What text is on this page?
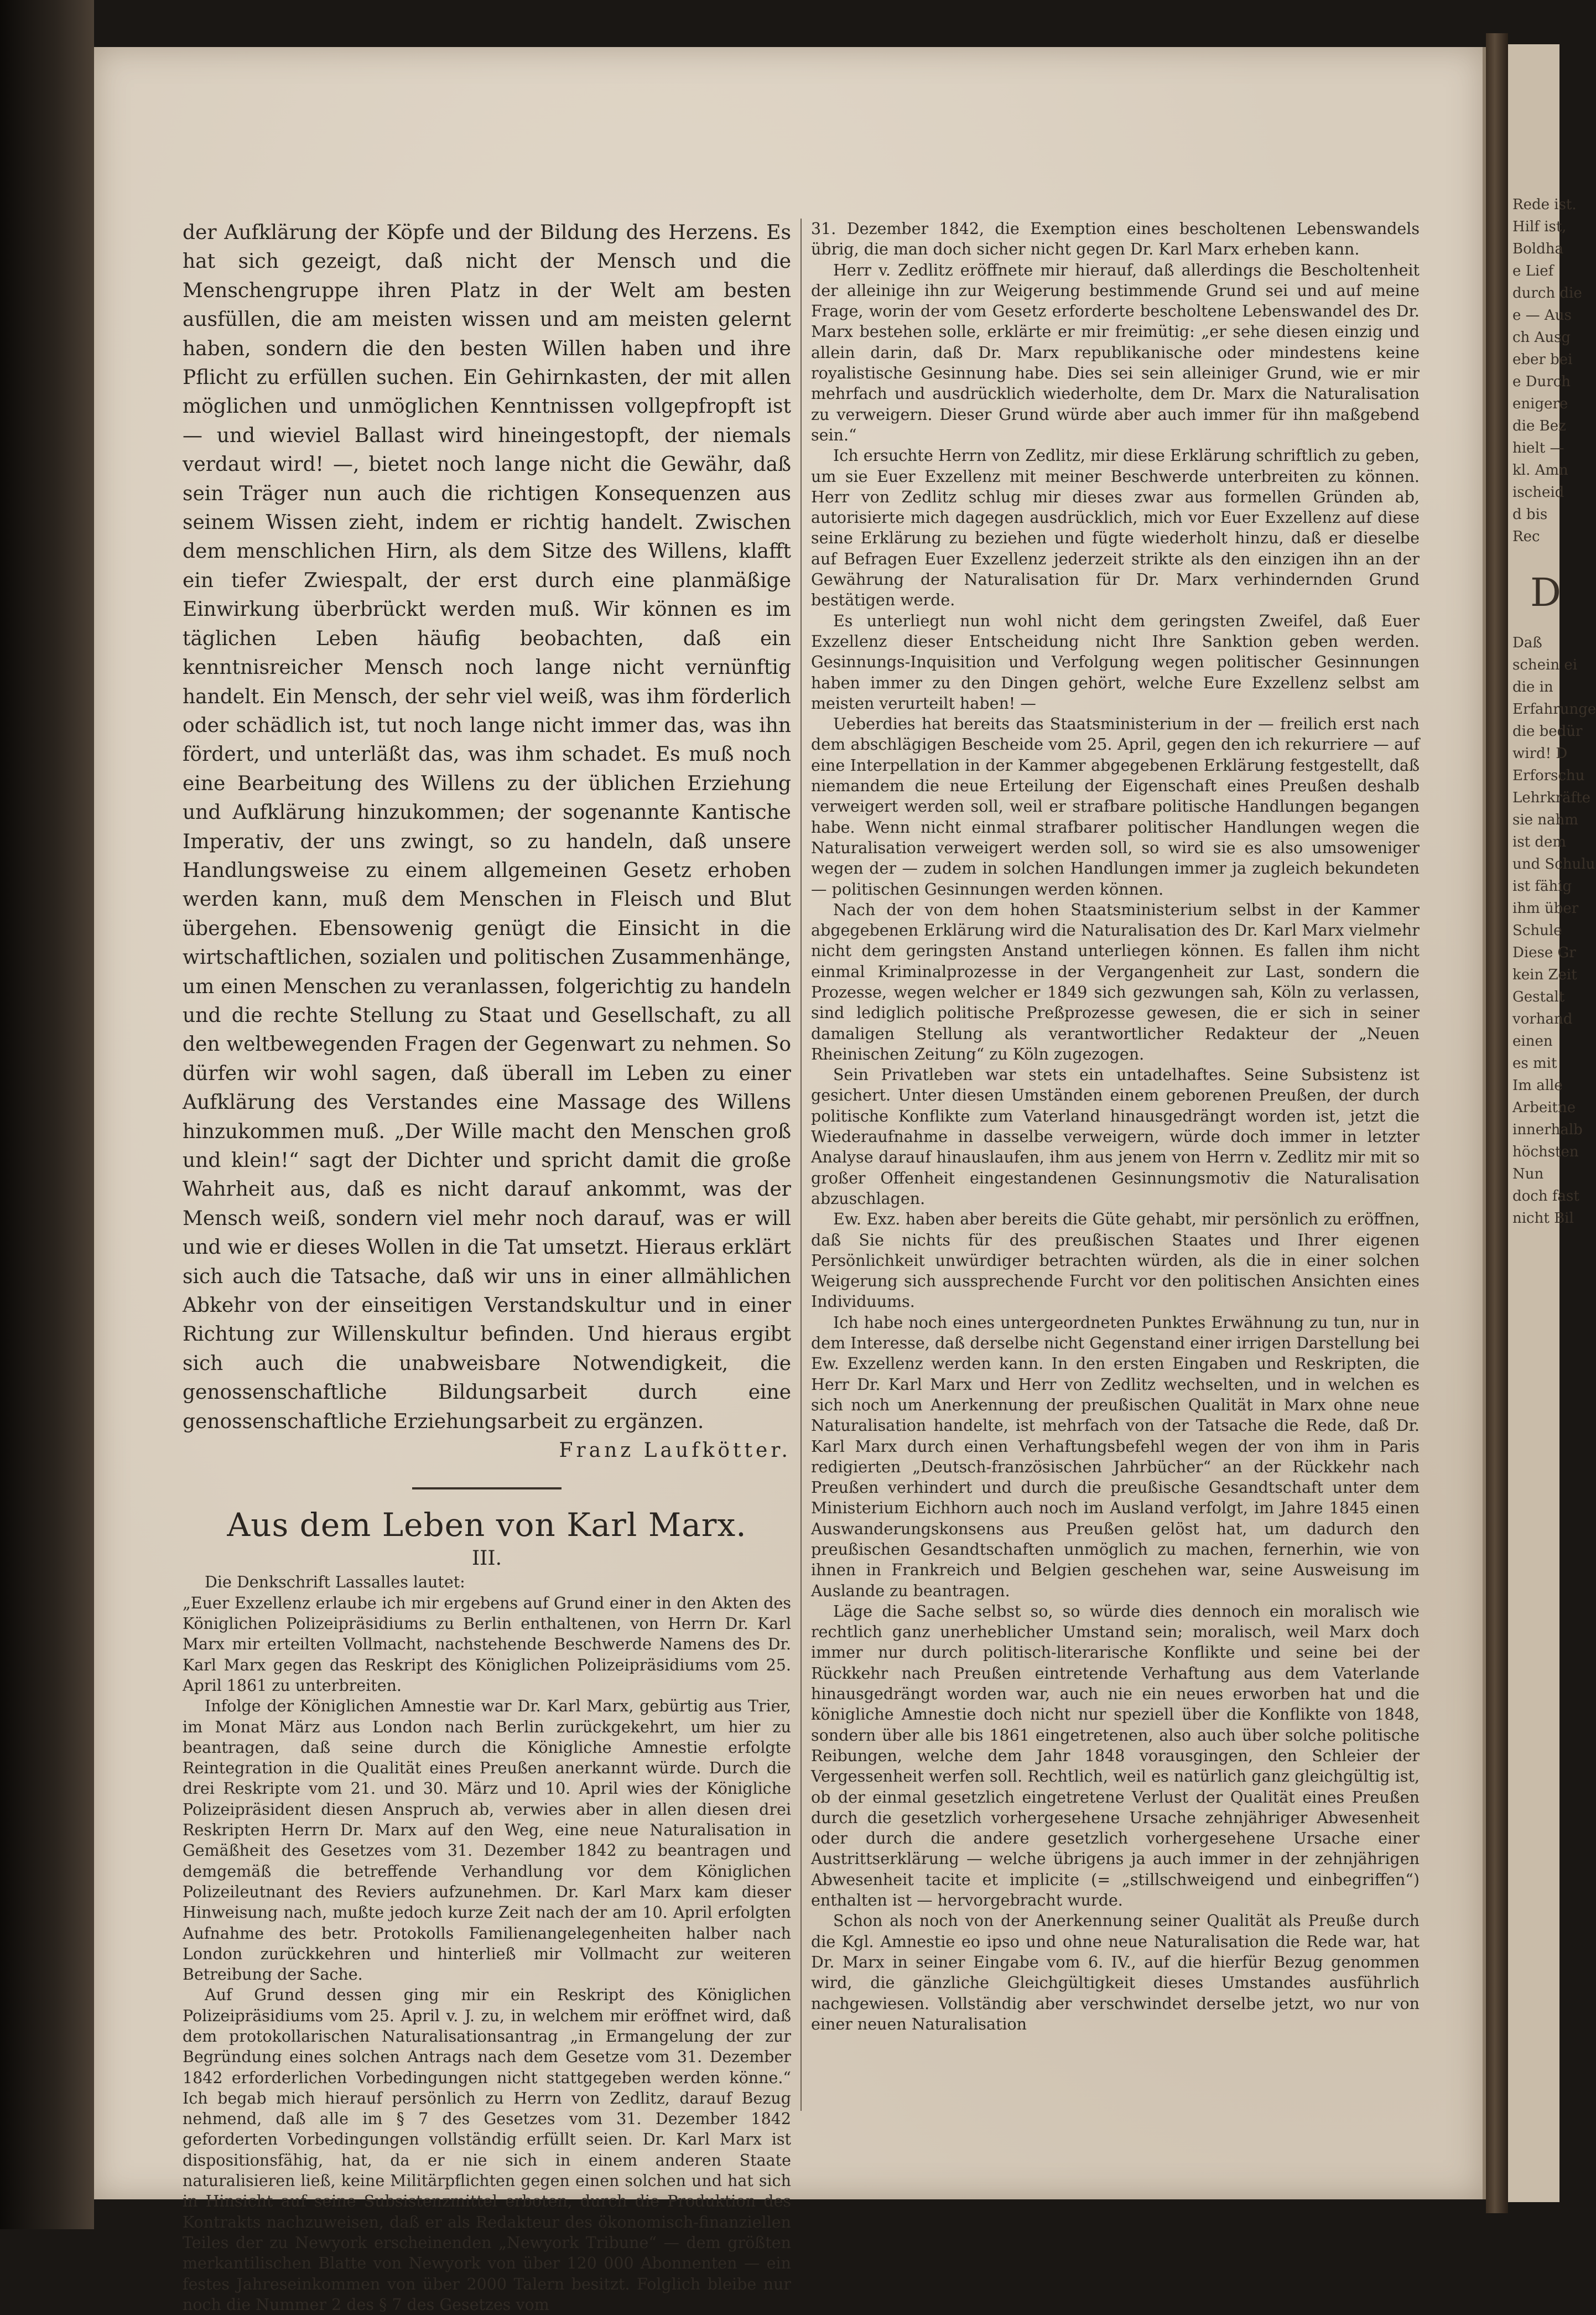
der Aufklärung der Köpfe und der Bildung des Herzens. Es hat sich gezeigt, daß nicht der Mensch und die Menschengruppe ihren Platz in der Welt am besten ausfüllen, die am meisten wissen und am meisten gelernt haben, sondern die den besten Willen haben und ihre Pflicht zu erfüllen suchen. Ein Gehirnkasten, der mit allen möglichen und unmöglichen Kenntnissen vollgepfropft ist — und wieviel Ballast wird hineingestopft, der niemals verdaut wird! —, bietet noch lange nicht die Gewähr, daß sein Träger nun auch die richtigen Konsequenzen aus seinem Wissen zieht, indem er richtig handelt. Zwischen dem menschlichen Hirn, als dem Sitze des Willens, klafft ein tiefer Zwiespalt, der erst durch eine planmäßige Einwirkung überbrückt werden muß. Wir können es im täglichen Leben häufig beobachten, daß ein kenntnisreicher Mensch noch lange nicht vernünftig handelt. Ein Mensch, der sehr viel weiß, was ihm förderlich oder schädlich ist, tut noch lange nicht immer das, was ihn fördert, und unterläßt das, was ihm schadet. Es muß noch eine Bearbeitung des Willens zu der üblichen Erziehung und Aufklärung hinzukommen; der sogenannte Kantische Imperativ, der uns zwingt, so zu handeln, daß unsere Handlungsweise zu einem allgemeinen Gesetz erhoben werden kann, muß dem Menschen in Fleisch und Blut übergehen. Ebensowenig genügt die Einsicht in die wirtschaftlichen, sozialen und politischen Zusammenhänge, um einen Menschen zu veranlassen, folgerichtig zu handeln und die rechte Stellung zu Staat und Gesellschaft, zu all den weltbewegenden Fragen der Gegenwart zu nehmen. So dürfen wir wohl sagen, daß überall im Leben zu einer Aufklärung des Verstandes eine Massage des Willens hinzukommen muß. „Der Wille macht den Menschen groß und klein!“ sagt der Dichter und spricht damit die große Wahrheit aus, daß es nicht darauf ankommt, was der Mensch weiß, sondern viel mehr noch darauf, was er will und wie er dieses Wollen in die Tat umsetzt. Hieraus erklärt sich auch die Tatsache, daß wir uns in einer allmählichen Abkehr von der einseitigen Verstandskultur und in einer Richtung zur Willenskultur befinden. Und hieraus ergibt sich auch die unabweisbare Notwendigkeit, die genossenschaftliche Bildungsarbeit durch eine genossenschaftliche Erziehungsarbeit zu ergänzen.

Franz Laufkötter.

Aus dem Leben von Karl Marx.
III.

Die Denkschrift Lassalles lautet:

„Euer Exzellenz erlaube ich mir ergebens auf Grund einer in den Akten des Königlichen Polizeipräsidiums zu Berlin enthaltenen, von Herrn Dr. Karl Marx mir erteilten Vollmacht, nachstehende Beschwerde Namens des Dr. Karl Marx gegen das Reskript des Königlichen Polizeipräsidiums vom 25. April 1861 zu unterbreiten.

Infolge der Königlichen Amnestie war Dr. Karl Marx, gebürtig aus Trier, im Monat März aus London nach Berlin zurückgekehrt, um hier zu beantragen, daß seine durch die Königliche Amnestie erfolgte Reintegration in die Qualität eines Preußen anerkannt würde. Durch die drei Reskripte vom 21. und 30. März und 10. April wies der Königliche Polizeipräsident diesen Anspruch ab, verwies aber in allen diesen drei Reskripten Herrn Dr. Marx auf den Weg, eine neue Naturalisation in Gemäßheit des Gesetzes vom 31. Dezember 1842 zu beantragen und demgemäß die betreffende Verhandlung vor dem Königlichen Polizeileutnant des Reviers aufzunehmen. Dr. Karl Marx kam dieser Hinweisung nach, mußte jedoch kurze Zeit nach der am 10. April erfolgten Aufnahme des betr. Protokolls Familienangelegenheiten halber nach London zurückkehren und hinterließ mir Vollmacht zur weiteren Betreibung der Sache.

Auf Grund dessen ging mir ein Reskript des Königlichen Polizeipräsidiums vom 25. April v. J. zu, in welchem mir eröffnet wird, daß dem protokollarischen Naturalisationsantrag „in Ermangelung der zur Begründung eines solchen Antrags nach dem Gesetze vom 31. Dezember 1842 erforderlichen Vorbedingungen nicht stattgegeben werden könne.“ Ich begab mich hierauf persönlich zu Herrn von Zedlitz, darauf Bezug nehmend, daß alle im § 7 des Gesetzes vom 31. Dezember 1842 geforderten Vorbedingungen vollständig erfüllt seien. Dr. Karl Marx ist dispositionsfähig, hat, da er nie sich in einem anderen Staate naturalisieren ließ, keine Militärpflichten gegen einen solchen und hat sich in Hinsicht auf seine Subsistenzmittel erboten, durch die Produktion des Kontrakts nachzuweisen, daß er als Redakteur des ökonomisch-finanziellen Teiles der zu Newyork erscheinenden „Newyork Tribune“ — dem größten merkantilischen Blatte von Newyork von über 120 000 Abonnenten — ein festes Jahreseinkommen von über 2000 Talern besitzt. Folglich bleibe nur noch die Nummer 2 des § 7 des Gesetzes vom

31. Dezember 1842, die Exemption eines bescholtenen Lebenswandels übrig, die man doch sicher nicht gegen Dr. Karl Marx erheben kann.

Herr v. Zedlitz eröffnete mir hierauf, daß allerdings die Bescholtenheit der alleinige ihn zur Weigerung bestimmende Grund sei und auf meine Frage, worin der vom Gesetz erforderte bescholtene Lebenswandel des Dr. Marx bestehen solle, erklärte er mir freimütig: „er sehe diesen einzig und allein darin, daß Dr. Marx republikanische oder mindestens keine royalistische Gesinnung habe. Dies sei sein alleiniger Grund, wie er mir mehrfach und ausdrücklich wiederholte, dem Dr. Marx die Naturalisation zu verweigern. Dieser Grund würde aber auch immer für ihn maßgebend sein.“

Ich ersuchte Herrn von Zedlitz, mir diese Erklärung schriftlich zu geben, um sie Euer Exzellenz mit meiner Beschwerde unterbreiten zu können. Herr von Zedlitz schlug mir dieses zwar aus formellen Gründen ab, autorisierte mich dagegen ausdrücklich, mich vor Euer Exzellenz auf diese seine Erklärung zu beziehen und fügte wiederholt hinzu, daß er dieselbe auf Befragen Euer Exzellenz jederzeit strikte als den einzigen ihn an der Gewährung der Naturalisation für Dr. Marx verhindernden Grund bestätigen werde.

Es unterliegt nun wohl nicht dem geringsten Zweifel, daß Euer Exzellenz dieser Entscheidung nicht Ihre Sanktion geben werden. Gesinnungs-Inquisition und Verfolgung wegen politischer Gesinnungen haben immer zu den Dingen gehört, welche Eure Exzellenz selbst am meisten verurteilt haben! —

Ueberdies hat bereits das Staatsministerium in der — freilich erst nach dem abschlägigen Bescheide vom 25. April, gegen den ich rekurriere — auf eine Interpellation in der Kammer abgegebenen Erklärung festgestellt, daß niemandem die neue Erteilung der Eigenschaft eines Preußen deshalb verweigert werden soll, weil er strafbare politische Handlungen begangen habe. Wenn nicht einmal strafbarer politischer Handlungen wegen die Naturalisation verweigert werden soll, so wird sie es also umsoweniger wegen der — zudem in solchen Handlungen immer ja zugleich bekundeten — politischen Gesinnungen werden können.

Nach der von dem hohen Staatsministerium selbst in der Kammer abgegebenen Erklärung wird die Naturalisation des Dr. Karl Marx vielmehr nicht dem geringsten Anstand unterliegen können. Es fallen ihm nicht einmal Kriminalprozesse in der Vergangenheit zur Last, sondern die Prozesse, wegen welcher er 1849 sich gezwungen sah, Köln zu verlassen, sind lediglich politische Preßprozesse gewesen, die er sich in seiner damaligen Stellung als verantwortlicher Redakteur der „Neuen Rheinischen Zeitung“ zu Köln zugezogen.

Sein Privatleben war stets ein untadelhaftes. Seine Subsistenz ist gesichert. Unter diesen Umständen einem geborenen Preußen, der durch politische Konflikte zum Vaterland hinausgedrängt worden ist, jetzt die Wiederaufnahme in dasselbe verweigern, würde doch immer in letzter Analyse darauf hinauslaufen, ihm aus jenem von Herrn v. Zedlitz mir mit so großer Offenheit eingestandenen Gesinnungsmotiv die Naturalisation abzuschlagen.

Ew. Exz. haben aber bereits die Güte gehabt, mir persönlich zu eröffnen, daß Sie nichts für des preußischen Staates und Ihrer eigenen Persönlichkeit unwürdiger betrachten würden, als die in einer solchen Weigerung sich aussprechende Furcht vor den politischen Ansichten eines Individuums.

Ich habe noch eines untergeordneten Punktes Erwähnung zu tun, nur in dem Interesse, daß derselbe nicht Gegenstand einer irrigen Darstellung bei Ew. Exzellenz werden kann. In den ersten Eingaben und Reskripten, die Herr Dr. Karl Marx und Herr von Zedlitz wechselten, und in welchen es sich noch um Anerkennung der preußischen Qualität in Marx ohne neue Naturalisation handelte, ist mehrfach von der Tatsache die Rede, daß Dr. Karl Marx durch einen Verhaftungsbefehl wegen der von ihm in Paris redigierten „Deutsch-französischen Jahrbücher“ an der Rückkehr nach Preußen verhindert und durch die preußische Gesandtschaft unter dem Ministerium Eichhorn auch noch im Ausland verfolgt, im Jahre 1845 einen Auswanderungskonsens aus Preußen gelöst hat, um dadurch den preußischen Gesandtschaften unmöglich zu machen, fernerhin, wie von ihnen in Frankreich und Belgien geschehen war, seine Ausweisung im Auslande zu beantragen.

Läge die Sache selbst so, so würde dies dennoch ein moralisch wie rechtlich ganz unerheblicher Umstand sein; moralisch, weil Marx doch immer nur durch politisch-literarische Konflikte und seine bei der Rückkehr nach Preußen eintretende Verhaftung aus dem Vaterlande hinausgedrängt worden war, auch nie ein neues erworben hat und die königliche Amnestie doch nicht nur speziell über die Konflikte von 1848, sondern über alle bis 1861 eingetretenen, also auch über solche politische Reibungen, welche dem Jahr 1848 vorausgingen, den Schleier der Vergessenheit werfen soll. Rechtlich, weil es natürlich ganz gleichgültig ist, ob der einmal gesetzlich eingetretene Verlust der Qualität eines Preußen durch die gesetzlich vorhergesehene Ursache zehnjähriger Abwesenheit oder durch die andere gesetzlich vorhergesehene Ursache einer Austrittserklärung — welche übrigens ja auch immer in der zehnjährigen Abwesenheit tacite et implicite (= „stillschweigend und einbegriffen“) enthalten ist — hervorgebracht wurde.

Schon als noch von der Anerkennung seiner Qualität als Preuße durch die Kgl. Amnestie eo ipso und ohne neue Naturalisation die Rede war, hat Dr. Marx in seiner Eingabe vom 6. IV., auf die hierfür Bezug genommen wird, die gänzliche Gleichgültigkeit dieses Umstandes ausführlich nachgewiesen. Vollständig aber verschwindet derselbe jetzt, wo nur von einer neuen Naturalisation

Rede ist.
Hilf ist,
Boldha
e Lief
durch die
e — Aus
ch Ausg
eber bei
e Durch
enigere
die Bez
hielt —
kl. Amn
ischeid
d bis
Rec
D
Daß
schein ei
die in
Erfahrunge
die bedür
wird! D
Erforschu
Lehrkräfte
sie nahm
ist dem
und Schulu
ist fähig
ihm über
Schule
Diese Gr
kein Zeit
Gestalt
vorhand
einen
es mit
Im alle
Arbeitne
innerhalb
höchsten
Nun
doch fast
nicht Bil
